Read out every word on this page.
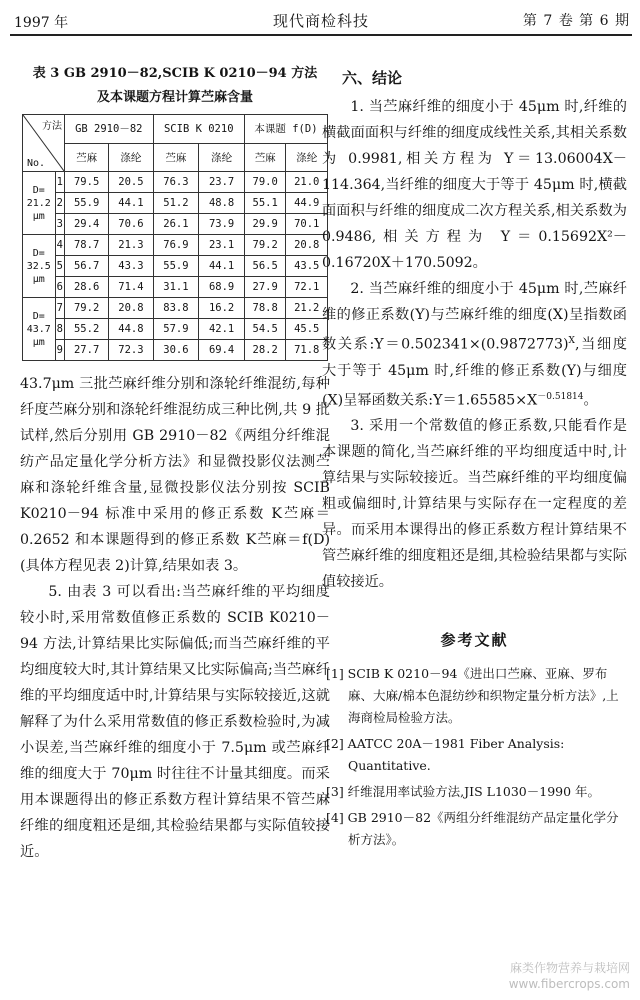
1997 年	现代商检科技	第 7 卷 第 6 期
表 3 GB 2910－82,SCIB K 0210－94 方法
及本课题方程计算苎麻含量
方法
No.		GB 2910－82		SCIB K 0210		本课题 f(D)	
		苎麻	涤纶	苎麻	涤纶	苎麻	涤纶
D=
21.2
μm	1	79.5	20.5	76.3	23.7	79.0	21.0
	2	55.9	44.1	51.2	48.8	55.1	44.9
	3	29.4	70.6	26.1	73.9	29.9	70.1
D=
32.5
μm	4	78.7	21.3	76.9	23.1	79.2	20.8
	5	56.7	43.3	55.9	44.1	56.5	43.5
	6	28.6	71.4	31.1	68.9	27.9	72.1
D=
43.7
μm	7	79.2	20.8	83.8	16.2	78.8	21.2
	8	55.2	44.8	57.9	42.1	54.5	45.5
	9	27.7	72.3	30.6	69.4	28.2	71.8

43.7μm 三批苎麻纤维分别和涤轮纤维混纺,每种纤度苎麻分别和涤轮纤维混纺成三种比例,共 9 批试样,然后分别用 GB 2910－82《两组分纤维混纺产品定量化学分析方法》和显微投影仪法测苎麻和涤轮纤维含量,显微投影仪法分别按 SCIB K0210－94 标准中采用的修正系数 K苎麻＝0.2652 和本课题得到的修正系数 K苎麻＝f(D)(具体方程见表 2)计算,结果如表 3。

5. 由表 3 可以看出:当苎麻纤维的平均细度较小时,采用常数值修正系数的 SCIB K0210－94 方法,计算结果比实际偏低;而当苎麻纤维的平均细度较大时,其计算结果又比实际偏高;当苎麻纤维的平均细度适中时,计算结果与实际较接近,这就解释了为什么采用常数值的修正系数检验时,为减小误差,当苎麻纤维的细度小于 7.5μm 或苎麻纤维的细度大于 70μm 时往往不计量其细度。而采用本课题得出的修正系数方程计算结果不管苎麻纤维的细度粗还是细,其检验结果都与实际值较接近。

六、结论

1. 当苎麻纤维的细度小于 45μm 时,纤维的横截面面积与纤维的细度成线性关系,其相关系数为 0.9981,相关方程为 Y＝13.06004X－114.364,当纤维的细度大于等于 45μm 时,横截面面积与纤维的细度成二次方程关系,相关系数为 0.9486,相关方程为 Y＝0.15692X²－0.16720X＋170.5092。

2. 当苎麻纤维的细度小于 45μm 时,苎麻纤维的修正系数(Y)与苎麻纤维的细度(X)呈指数函数关系$:Y=0.502341\times(0.9872773)^X$,当细度大于等于 45μm 时,纤维的修正系数(Y)与细度(X)呈幂函数关系$:Y=1.65585\times X^{-0.51814}$。

3. 采用一个常数值的修正系数,只能看作是本课题的简化,当苎麻纤维的平均细度适中时,计算结果与实际较接近。当苎麻纤维的平均细度偏粗或偏细时,计算结果与实际存在一定程度的差异。而采用本课得出的修正系数方程计算结果不管苎麻纤维的细度粗还是细,其检验结果都与实际值较接近。

参考文献

[1] SCIB K 0210－94《进出口苎麻、亚麻、罗布麻、大麻/棉本色混纺纱和织物定量分析方法》,上海商检局检验方法。

[2] AATCC 20A－1981 Fiber Analysis: Quantitative.

[3] 纤维混用率试验方法,JIS L1030－1990 年。

[4] GB 2910－82《两组分纤维混纺产品定量化学分析方法》。

麻类作物营养与栽培网
www.fibercrops.com
